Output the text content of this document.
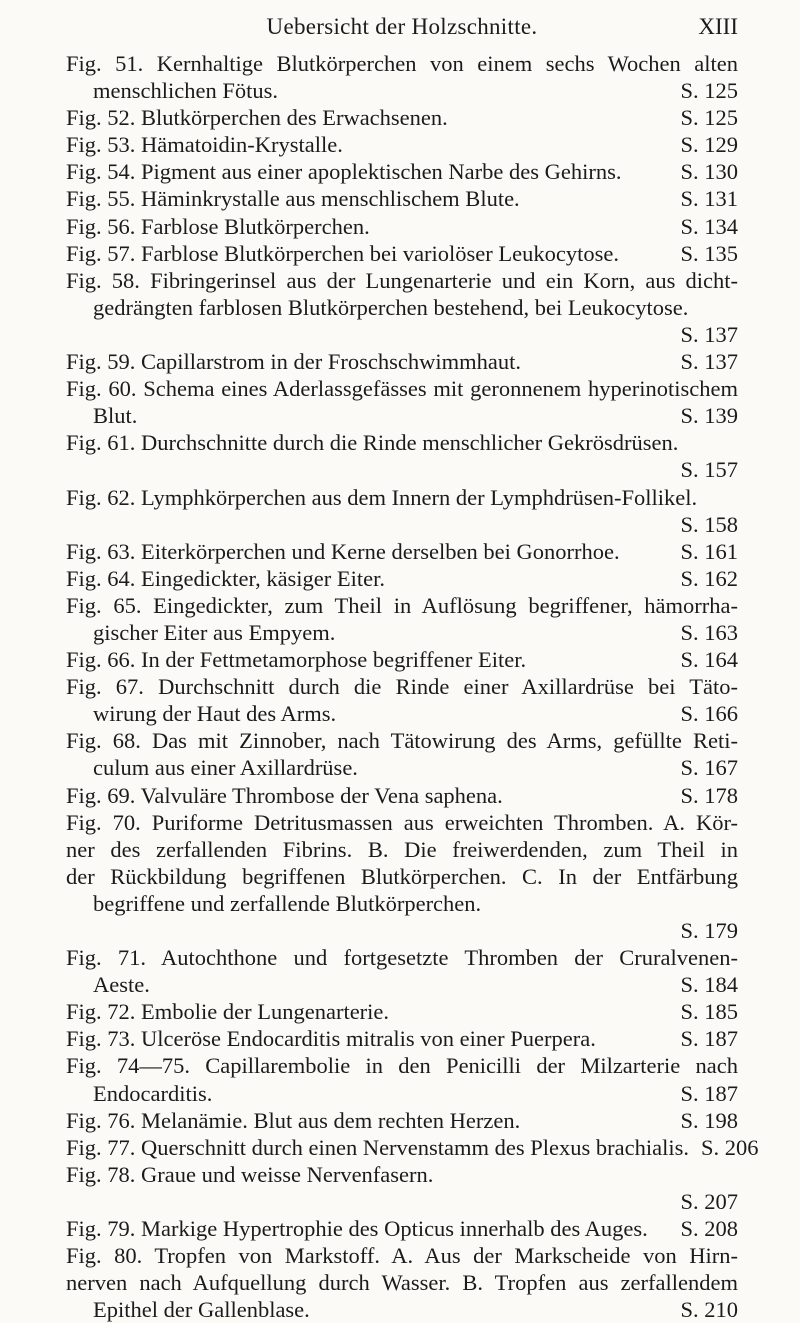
Uebersicht der Holzschnitte.	XIII
Fig. 51. Kernhaltige Blutkörperchen von einem sechs Wochen alten
menschlichen Fötus.	S. 125
Fig. 52. Blutkörperchen des Erwachsenen.	S. 125
Fig. 53. Hämatoidin-Krystalle.	S. 129
Fig. 54. Pigment aus einer apoplektischen Narbe des Gehirns.	S. 130
Fig. 55. Häminkrystalle aus menschlischem Blute.	S. 131
Fig. 56. Farblose Blutkörperchen.	S. 134
Fig. 57. Farblose Blutkörperchen bei variolöser Leukocytose.	S. 135
Fig. 58. Fibringerinsel aus der Lungenarterie und ein Korn, aus dicht-
gedrängten farblosen Blutkörperchen bestehend, bei Leukocytose.
S. 137
Fig. 59. Capillarstrom in der Froschschwimmhaut.	S. 137
Fig. 60. Schema eines Aderlassgefässes mit geronnenem hyperinotischem
Blut.	S. 139
Fig. 61. Durchschnitte durch die Rinde menschlicher Gekrösdrüsen.
S. 157
Fig. 62. Lymphkörperchen aus dem Innern der Lymphdrüsen-Follikel.
S. 158
Fig. 63. Eiterkörperchen und Kerne derselben bei Gonorrhoe.	S. 161
Fig. 64. Eingedickter, käsiger Eiter.	S. 162
Fig. 65. Eingedickter, zum Theil in Auflösung begriffener, hämorrha-
gischer Eiter aus Empyem.	S. 163
Fig. 66. In der Fettmetamorphose begriffener Eiter.	S. 164
Fig. 67. Durchschnitt durch die Rinde einer Axillardrüse bei Täto-
wirung der Haut des Arms.	S. 166
Fig. 68. Das mit Zinnober, nach Tätowirung des Arms, gefüllte Reti-
culum aus einer Axillardrüse.	S. 167
Fig. 69. Valvuläre Thrombose der Vena saphena.	S. 178
Fig. 70. Puriforme Detritusmassen aus erweichten Thromben. A. Kör-
ner des zerfallenden Fibrins. B. Die freiwerdenden, zum Theil in
der Rückbildung begriffenen Blutkörperchen. C. In der Entfärbung
begriffene und zerfallende Blutkörperchen.
S. 179
Fig. 71. Autochthone und fortgesetzte Thromben der Cruralvenen-
Aeste.	S. 184
Fig. 72. Embolie der Lungenarterie.	S. 185
Fig. 73. Ulceröse Endocarditis mitralis von einer Puerpera.	S. 187
Fig. 74—75. Capillarembolie in den Penicilli der Milzarterie nach
Endocarditis.	S. 187
Fig. 76. Melanämie. Blut aus dem rechten Herzen.	S. 198
Fig. 77. Querschnitt durch einen Nervenstamm des Plexus brachialis. S. 206
Fig. 78. Graue und weisse Nervenfasern.
S. 207
Fig. 79. Markige Hypertrophie des Opticus innerhalb des Auges.	S. 208
Fig. 80. Tropfen von Markstoff. A. Aus der Markscheide von Hirn-
nerven nach Aufquellung durch Wasser. B. Tropfen aus zerfallendem
Epithel der Gallenblase.	S. 210
